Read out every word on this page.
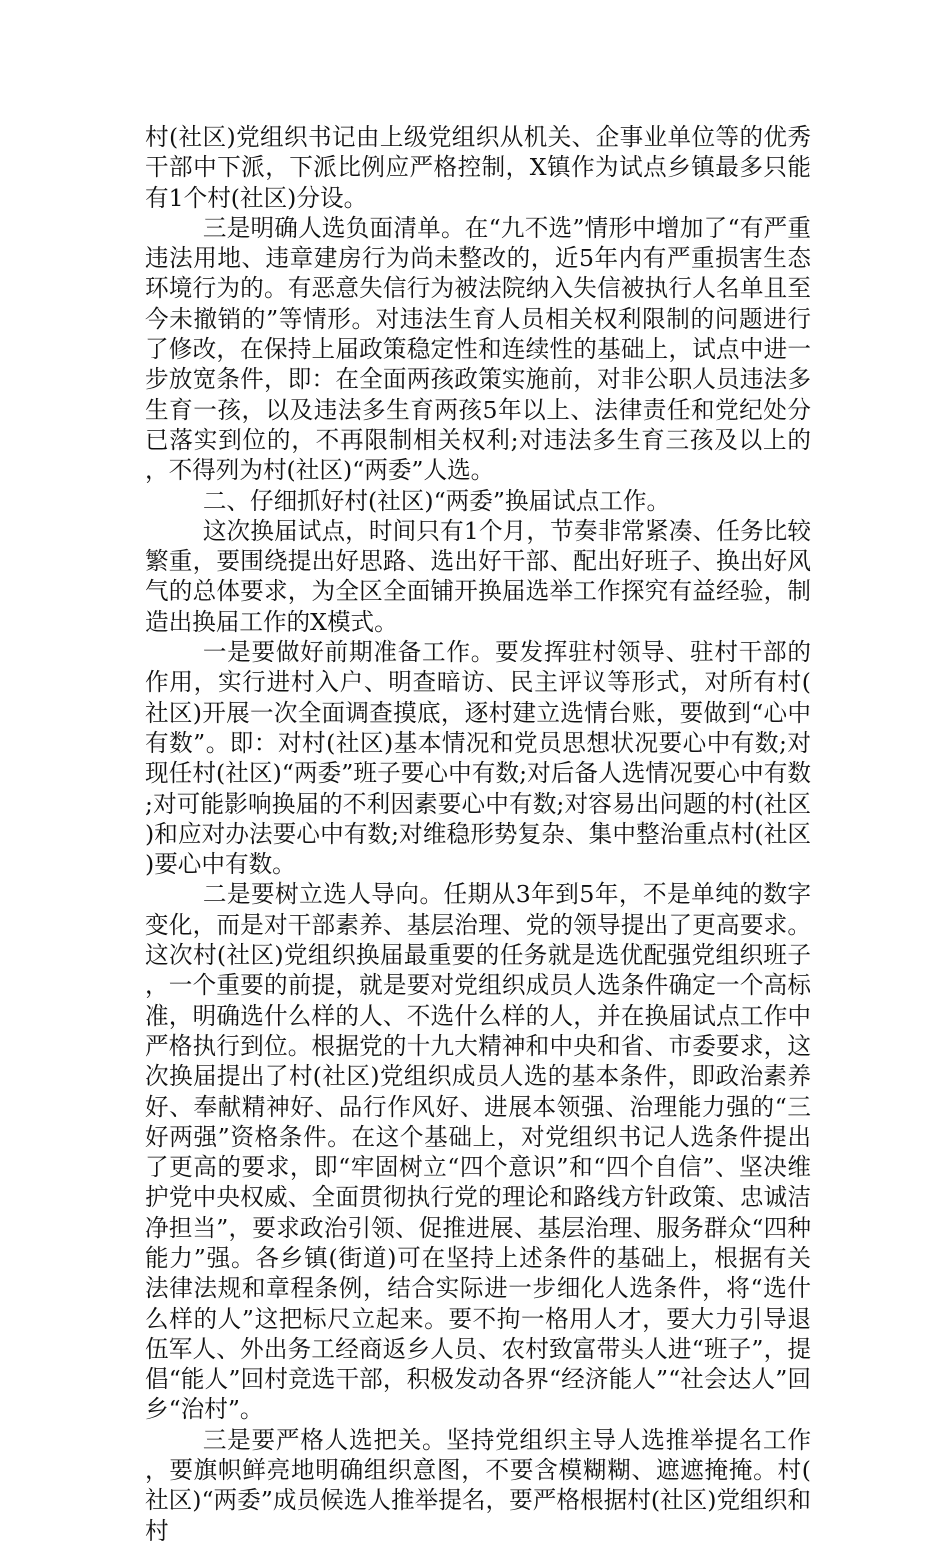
村(社区)党组织书记由上级党组织从机关、企事业单位等的优秀干部中下派，下派比例应严格控制，X镇作为试点乡镇最多只能有1个村(社区)分设。

三是明确人选负面清单。在“九不选”情形中增加了“有严重违法用地、违章建房行为尚未整改的，近5年内有严重损害生态环境行为的。有恶意失信行为被法院纳入失信被执行人名单且至今未撤销的”等情形。对违法生育人员相关权利限制的问题进行了修改，在保持上届政策稳定性和连续性的基础上，试点中进一步放宽条件，即：在全面两孩政策实施前，对非公职人员违法多生育一孩，以及违法多生育两孩5年以上、法律责任和党纪处分已落实到位的，不再限制相关权利;对违法多生育三孩及以上的，不得列为村(社区)“两委”人选。

二、仔细抓好村(社区)“两委”换届试点工作。

这次换届试点，时间只有1个月，节奏非常紧凑、任务比较繁重，要围绕提出好思路、选出好干部、配出好班子、换出好风气的总体要求，为全区全面铺开换届选举工作探究有益经验，制造出换届工作的X模式。

一是要做好前期准备工作。要发挥驻村领导、驻村干部的作用，实行进村入户、明查暗访、民主评议等形式，对所有村(社区)开展一次全面调查摸底，逐村建立选情台账，要做到“心中有数”。即：对村(社区)基本情况和党员思想状况要心中有数;对现任村(社区)“两委”班子要心中有数;对后备人选情况要心中有数;对可能影响换届的不利因素要心中有数;对容易出问题的村(社区)和应对办法要心中有数;对维稳形势复杂、集中整治重点村(社区)要心中有数。

二是要树立选人导向。任期从3年到5年，不是单纯的数字变化，而是对干部素养、基层治理、党的领导提出了更高要求。这次村(社区)党组织换届最重要的任务就是选优配强党组织班子，一个重要的前提，就是要对党组织成员人选条件确定一个高标准，明确选什么样的人、不选什么样的人，并在换届试点工作中严格执行到位。根据党的十九大精神和中央和省、市委要求，这次换届提出了村(社区)党组织成员人选的基本条件，即政治素养好、奉献精神好、品行作风好、进展本领强、治理能力强的“三好两强”资格条件。在这个基础上，对党组织书记人选条件提出了更高的要求，即“牢固树立“四个意识”和“四个自信”、坚决维护党中央权威、全面贯彻执行党的理论和路线方针政策、忠诚洁净担当”，要求政治引领、促推进展、基层治理、服务群众“四种能力”强。各乡镇(街道)可在坚持上述条件的基础上，根据有关法律法规和章程条例，结合实际进一步细化人选条件，将“选什么样的人”这把标尺立起来。要不拘一格用人才，要大力引导退伍军人、外出务工经商返乡人员、农村致富带头人进“班子”，提倡“能人”回村竞选干部，积极发动各界“经济能人”“社会达人”回乡“治村”。

三是要严格人选把关。坚持党组织主导人选推举提名工作，要旗帜鲜亮地明确组织意图，不要含模糊糊、遮遮掩掩。村(社区)“两委”成员候选人推举提名，要严格根据村(社区)党组织和村
